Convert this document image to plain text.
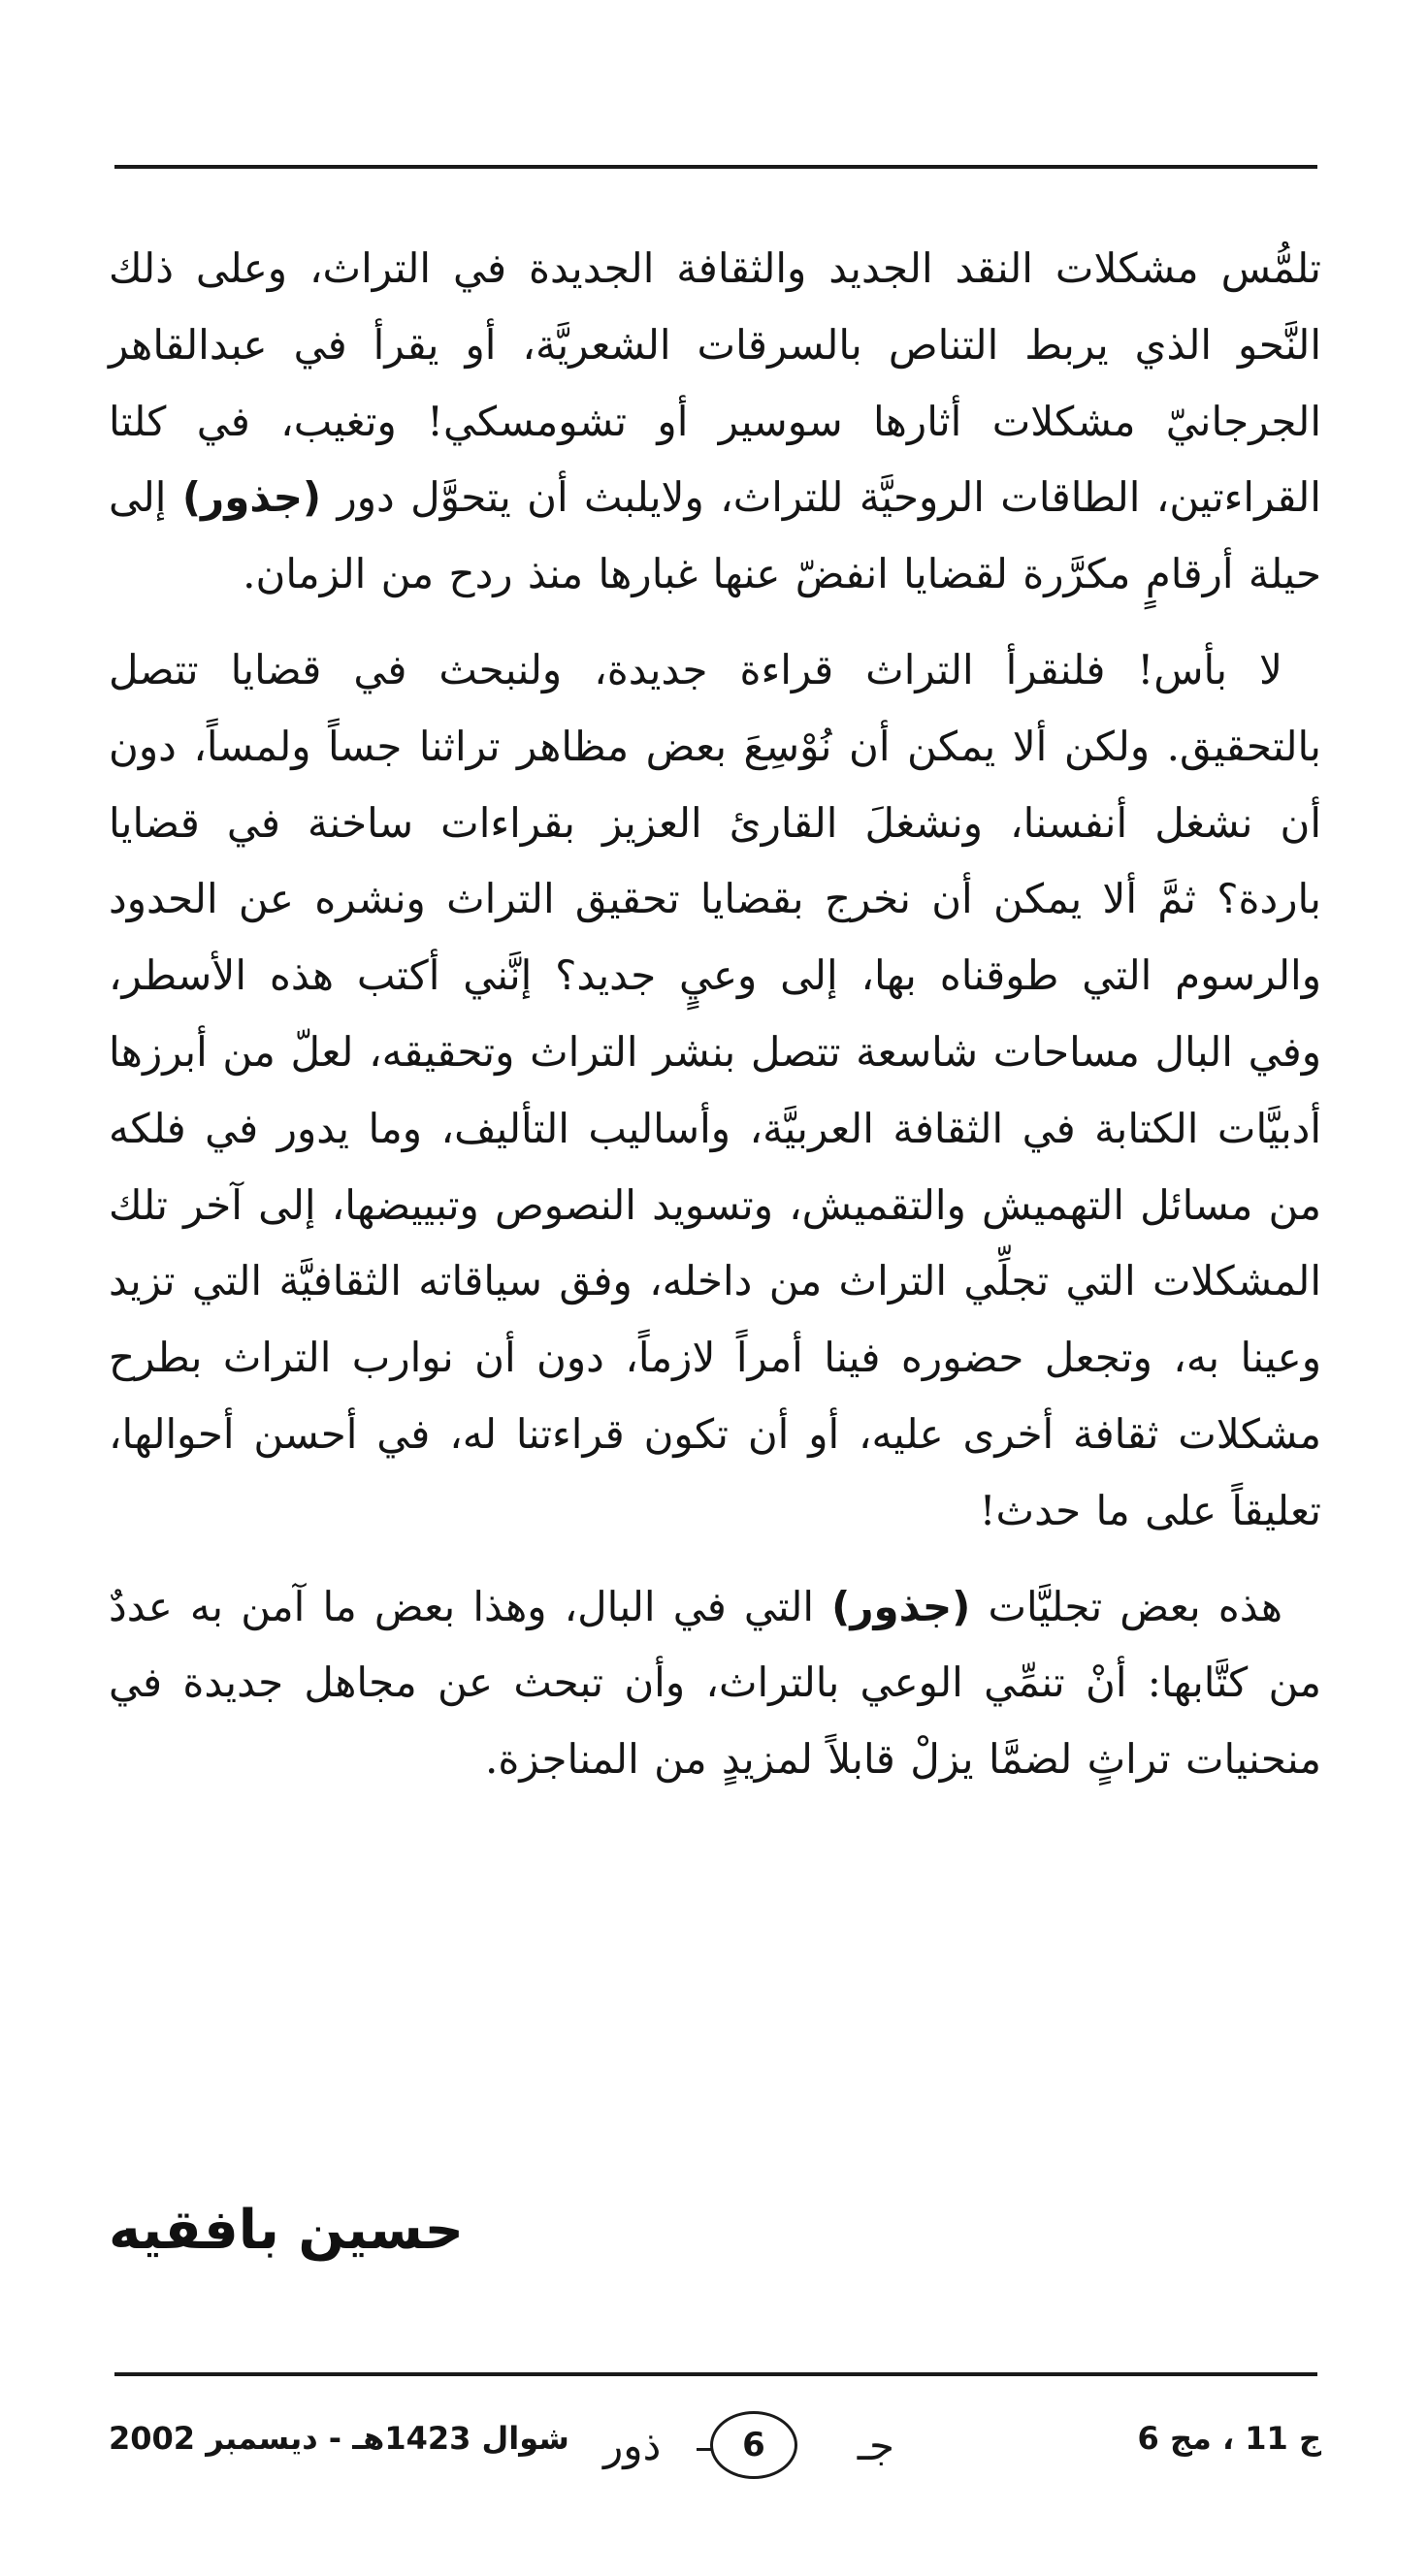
تلمُّس مشكلات النقد الجديد والثقافة الجديدة في التراث، وعلى ذلك النَّحو الذي يربط التناص بالسرقات الشعريَّة، أو يقرأ في عبدالقاهر الجرجانيّ مشكلات أثارها سوسير أو تشومسكي! وتغيب، في كلتا القراءتين، الطاقات الروحيَّة للتراث، ولايلبث أن يتحوَّل دور (جذور) إلى حيلة أرقامٍ مكرَّرة لقضايا انفضّ عنها غبارها منذ ردح من الزمان.

لا بأس! فلنقرأ التراث قراءة جديدة، ولنبحث في قضايا تتصل بالتحقيق. ولكن ألا يمكن أن نُوْسِعَ بعض مظاهر تراثنا جساً ولمساً، دون أن نشغل أنفسنا، ونشغلَ القارئ العزيز بقراءات ساخنة في قضايا باردة؟ ثمَّ ألا يمكن أن نخرج بقضايا تحقيق التراث ونشره عن الحدود والرسوم التي طوقناه بها، إلى وعيٍ جديد؟ إنَّني أكتب هذه الأسطر، وفي البال مساحات شاسعة تتصل بنشر التراث وتحقيقه، لعلّ من أبرزها أدبيَّات الكتابة في الثقافة العربيَّة، وأساليب التأليف، وما يدور في فلكه من مسائل التهميش والتقميش، وتسويد النصوص وتبييضها، إلى آخر تلك المشكلات التي تجلِّي التراث من داخله، وفق سياقاته الثقافيَّة التي تزيد وعينا به، وتجعل حضوره فينا أمراً لازماً، دون أن نوارب التراث بطرح مشكلات ثقافة أخرى عليه، أو أن تكون قراءتنا له، في أحسن أحوالها، تعليقاً على ما حدث!

هذه بعض تجليَّات (جذور) التي في البال، وهذا بعض ما آمن به عددٌ من كتَّابها: أنْ تنمِّي الوعي بالتراث، وأن تبحث عن مجاهل جديدة في منحنيات تراثٍ لضمَّا يزلْ قابلاً لمزيدٍ من المناجزة.

حسين بافقيه
ج 11 ، مج 6
ذور	جـ
6
شوال 1423هـ - ديسمبر 2002
